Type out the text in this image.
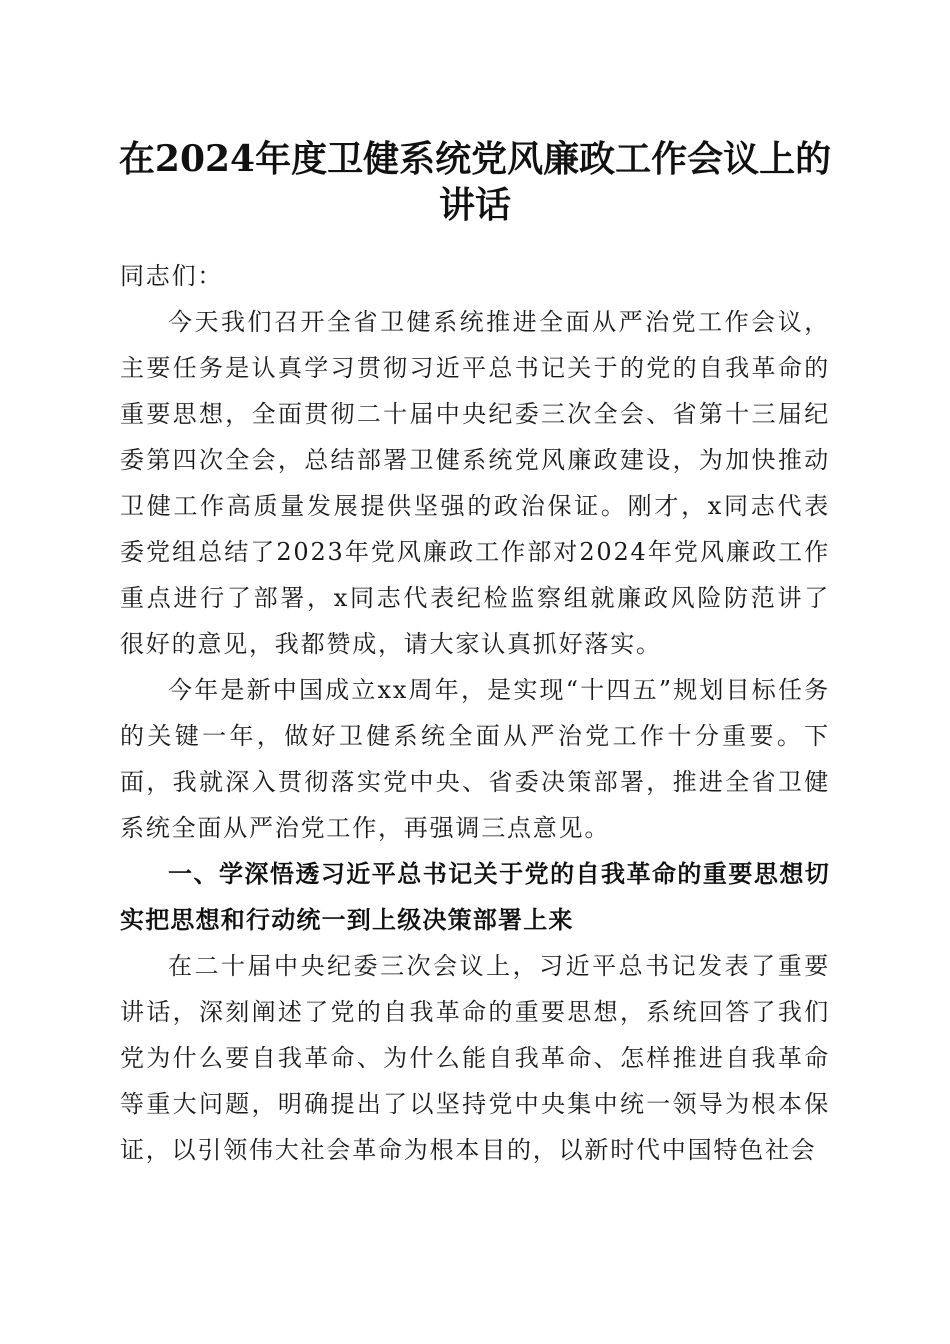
在2024年度卫健系统党风廉政工作会议上的
讲话

同志们：

今天我们召开全省卫健系统推进全面从严治党工作会议，主要任务是认真学习贯彻习近平总书记关于的党的自我革命的重要思想，全面贯彻二十届中央纪委三次全会、省第十三届纪委第四次全会，总结部署卫健系统党风廉政建设，为加快推动卫健工作高质量发展提供坚强的政治保证。刚才，x同志代表委党组总结了2023年党风廉政工作部对2024年党风廉政工作重点进行了部署，x同志代表纪检监察组就廉政风险防范讲了很好的意见，我都赞成，请大家认真抓好落实。

今年是新中国成立xx周年，是实现“十四五”规划目标任务的关键一年，做好卫健系统全面从严治党工作十分重要。下面，我就深入贯彻落实党中央、省委决策部署，推进全省卫健系统全面从严治党工作，再强调三点意见。

一、学深悟透习近平总书记关于党的自我革命的重要思想切实把思想和行动统一到上级决策部署上来

在二十届中央纪委三次会议上，习近平总书记发表了重要讲话，深刻阐述了党的自我革命的重要思想，系统回答了我们党为什么要自我革命、为什么能自我革命、怎样推进自我革命等重大问题，明确提出了以坚持党中央集中统一领导为根本保证，以引领伟大社会革命为根本目的，以新时代中国特色社会
